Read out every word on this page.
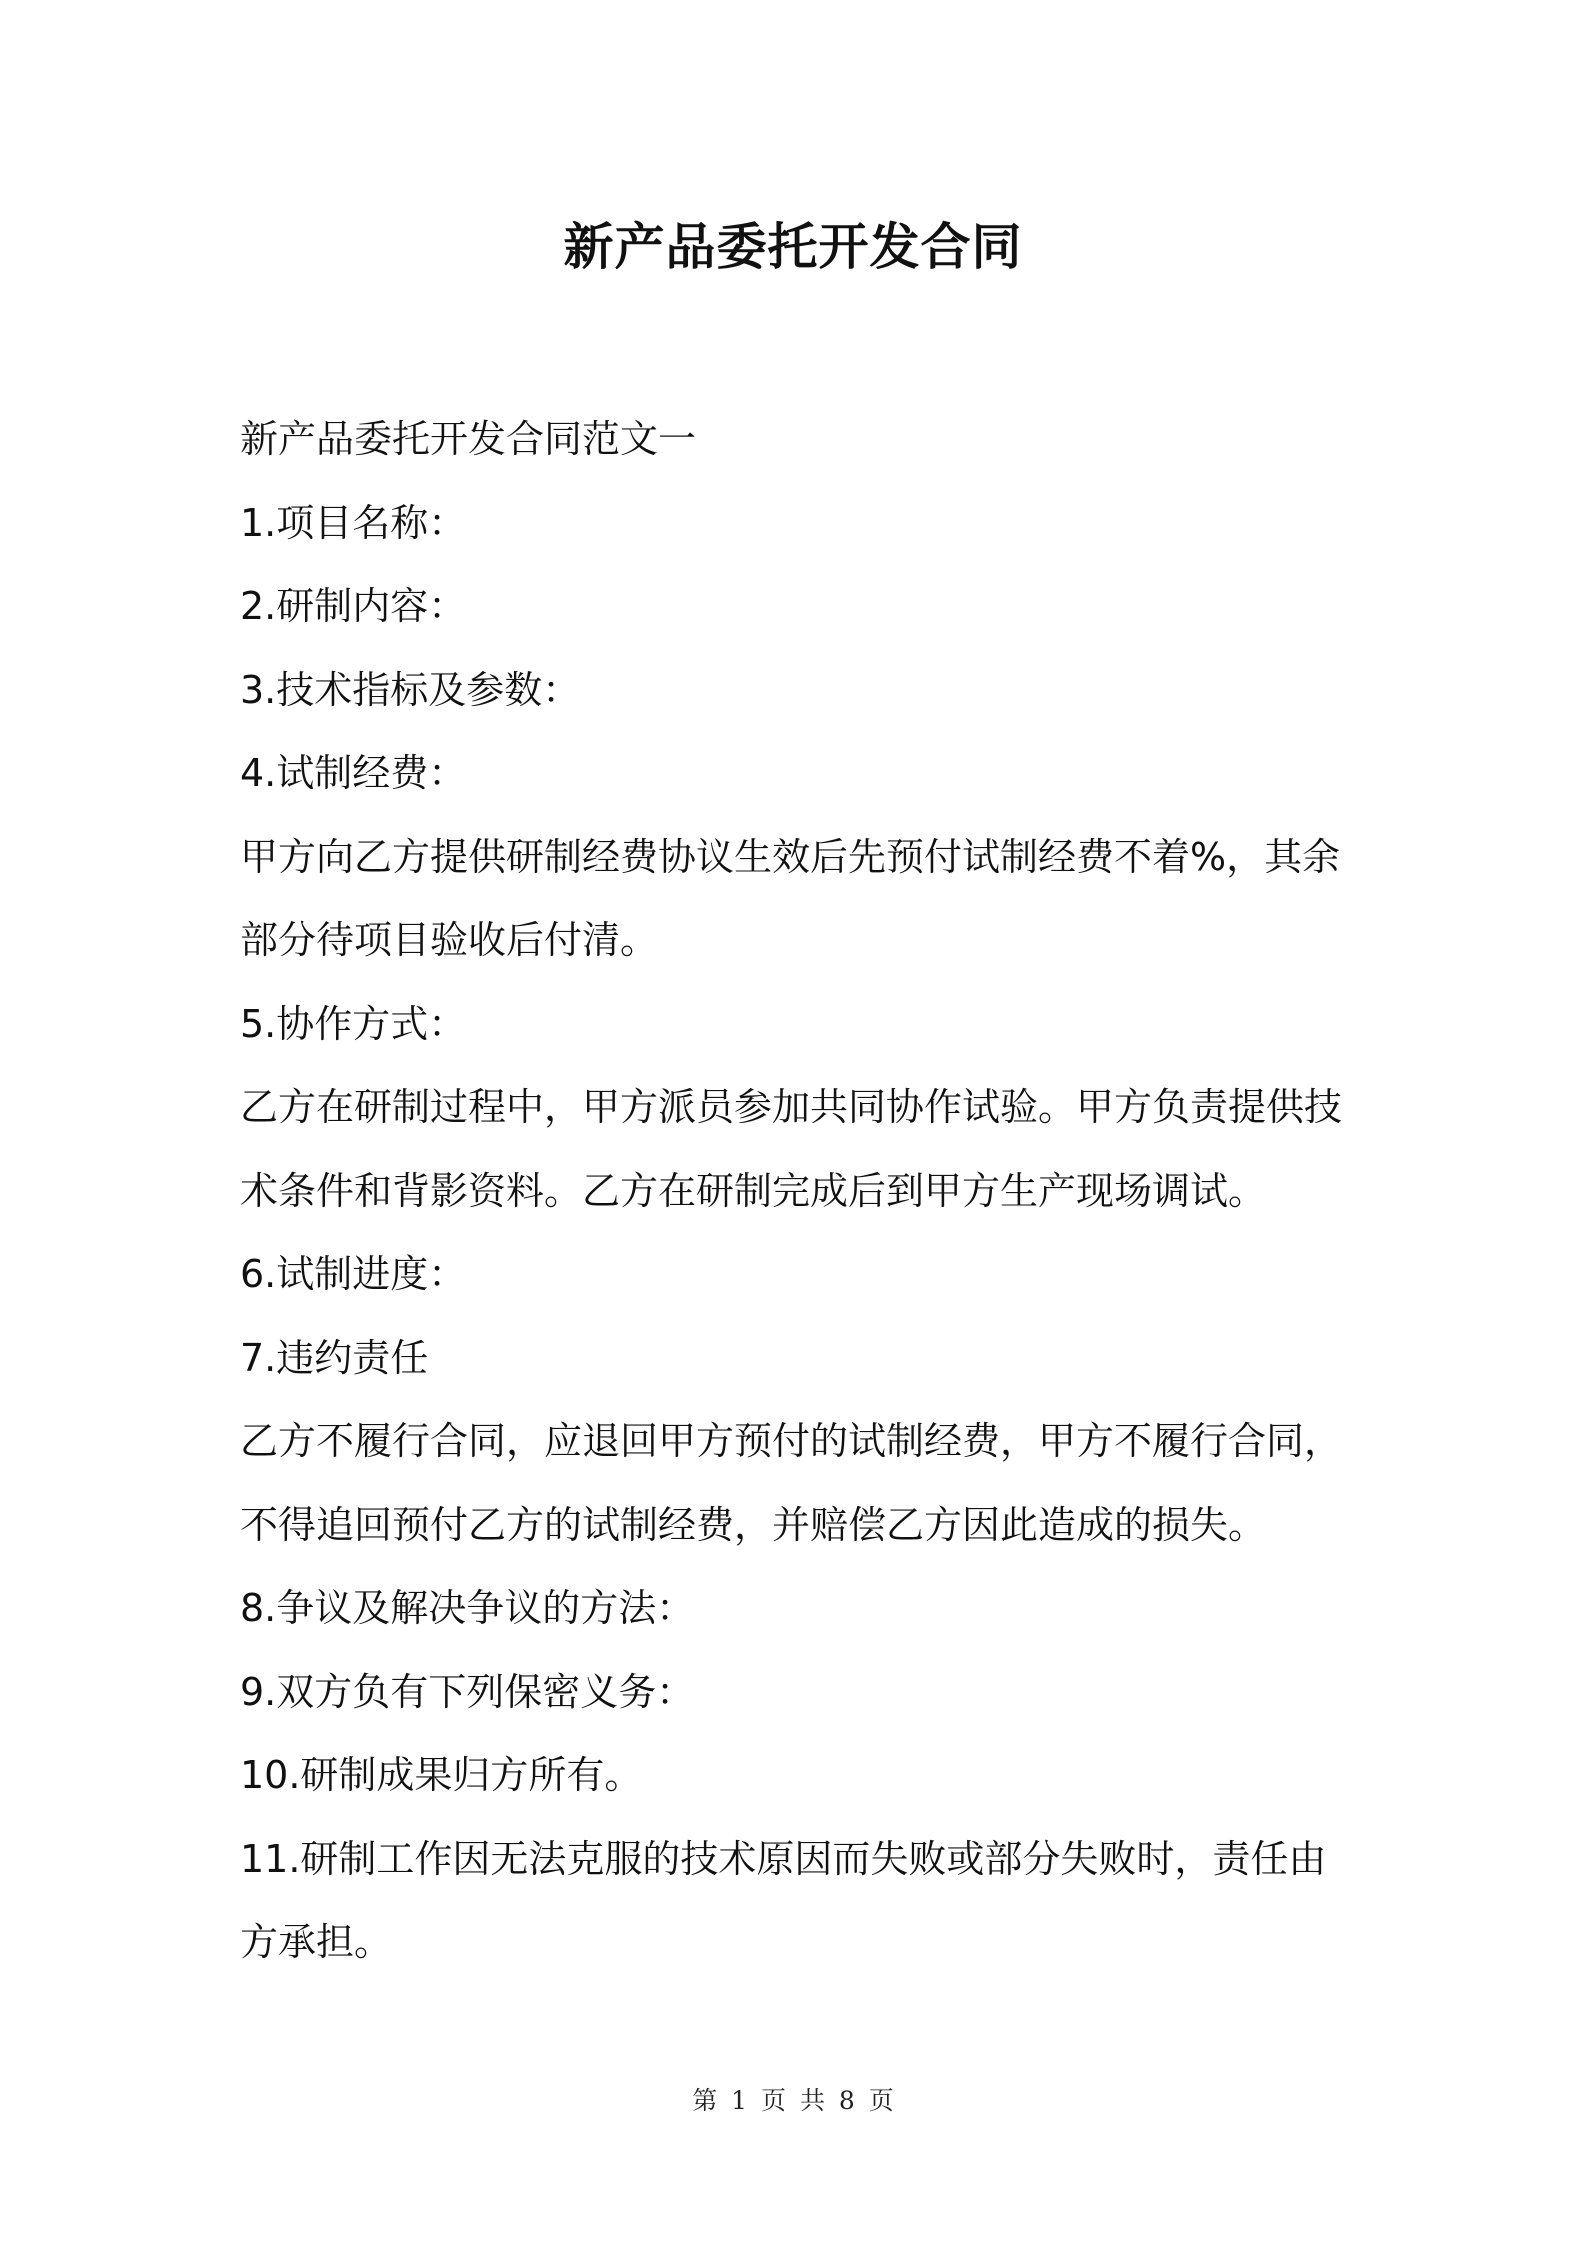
新产品委托开发合同

新产品委托开发合同范文一

1.项目名称：

2.研制内容：

3.技术指标及参数：

4.试制经费：

甲方向乙方提供研制经费协议生效后先预付试制经费不着%，其余部分待项目验收后付清。

5.协作方式：

乙方在研制过程中，甲方派员参加共同协作试验。甲方负责提供技术条件和背影资料。乙方在研制完成后到甲方生产现场调试。

6.试制进度：

7.违约责任

乙方不履行合同，应退回甲方预付的试制经费，甲方不履行合同，不得追回预付乙方的试制经费，并赔偿乙方因此造成的损失。

8.争议及解决争议的方法：

9.双方负有下列保密义务：

10.研制成果归方所有。

11.研制工作因无法克服的技术原因而失败或部分失败时，责任由方承担。

第 1 页 共 8 页
